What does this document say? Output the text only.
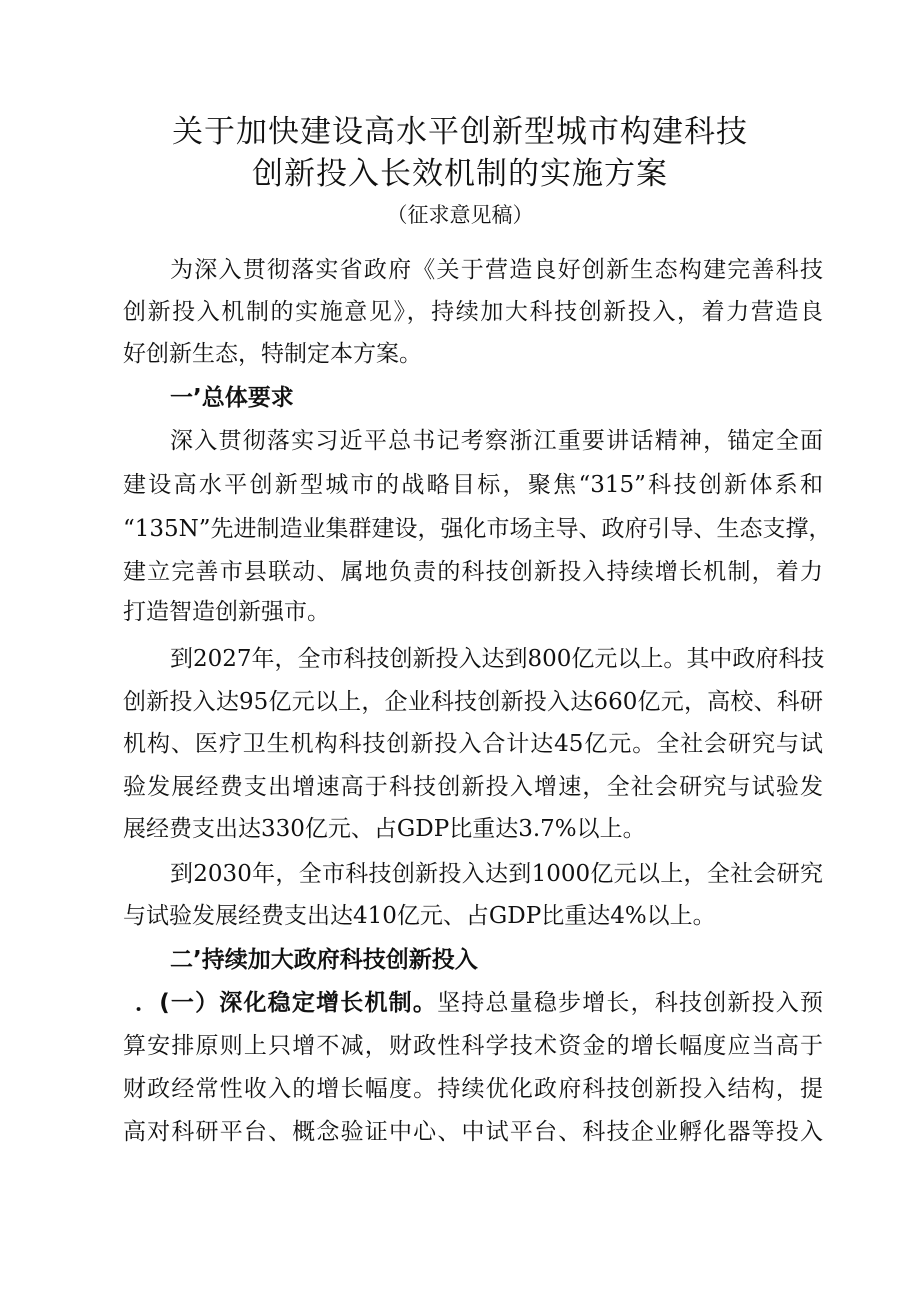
关于加快建设高水平创新型城市构建科技
创新投入长效机制的实施方案
（征求意见稿）
为深入贯彻落实省政府《关于营造良好创新生态构建完善科技
创新投入机制的实施意见》，持续加大科技创新投入，着力营造良
好创新生态，特制定本方案。
一’总体要求
深入贯彻落实习近平总书记考察浙江重要讲话精神，锚定全面
建设高水平创新型城市的战略目标，聚焦“315”科技创新体系和
“135N”先进制造业集群建设，强化市场主导、政府引导、生态支撑，
建立完善市县联动、属地负责的科技创新投入持续增长机制，着力
打造智造创新强市。
到2027年，全市科技创新投入达到800亿元以上。其中政府科技
创新投入达95亿元以上，企业科技创新投入达660亿元，高校、科研
机构、医疗卫生机构科技创新投入合计达45亿元。全社会研究与试
验发展经费支出增速高于科技创新投入增速，全社会研究与试验发
展经费支出达330亿元、占GDP比重达3.7%以上。
到2030年，全市科技创新投入达到1000亿元以上，全社会研究
与试验发展经费支出达410亿元、占GDP比重达4%以上。
二’持续加大政府科技创新投入
．(一）深化稳定增长机制。坚持总量稳步增长，科技创新投入预
算安排原则上只增不减，财政性科学技术资金的增长幅度应当高于
财政经常性收入的增长幅度。持续优化政府科技创新投入结构，提
高对科研平台、概念验证中心、中试平台、科技企业孵化器等投入
